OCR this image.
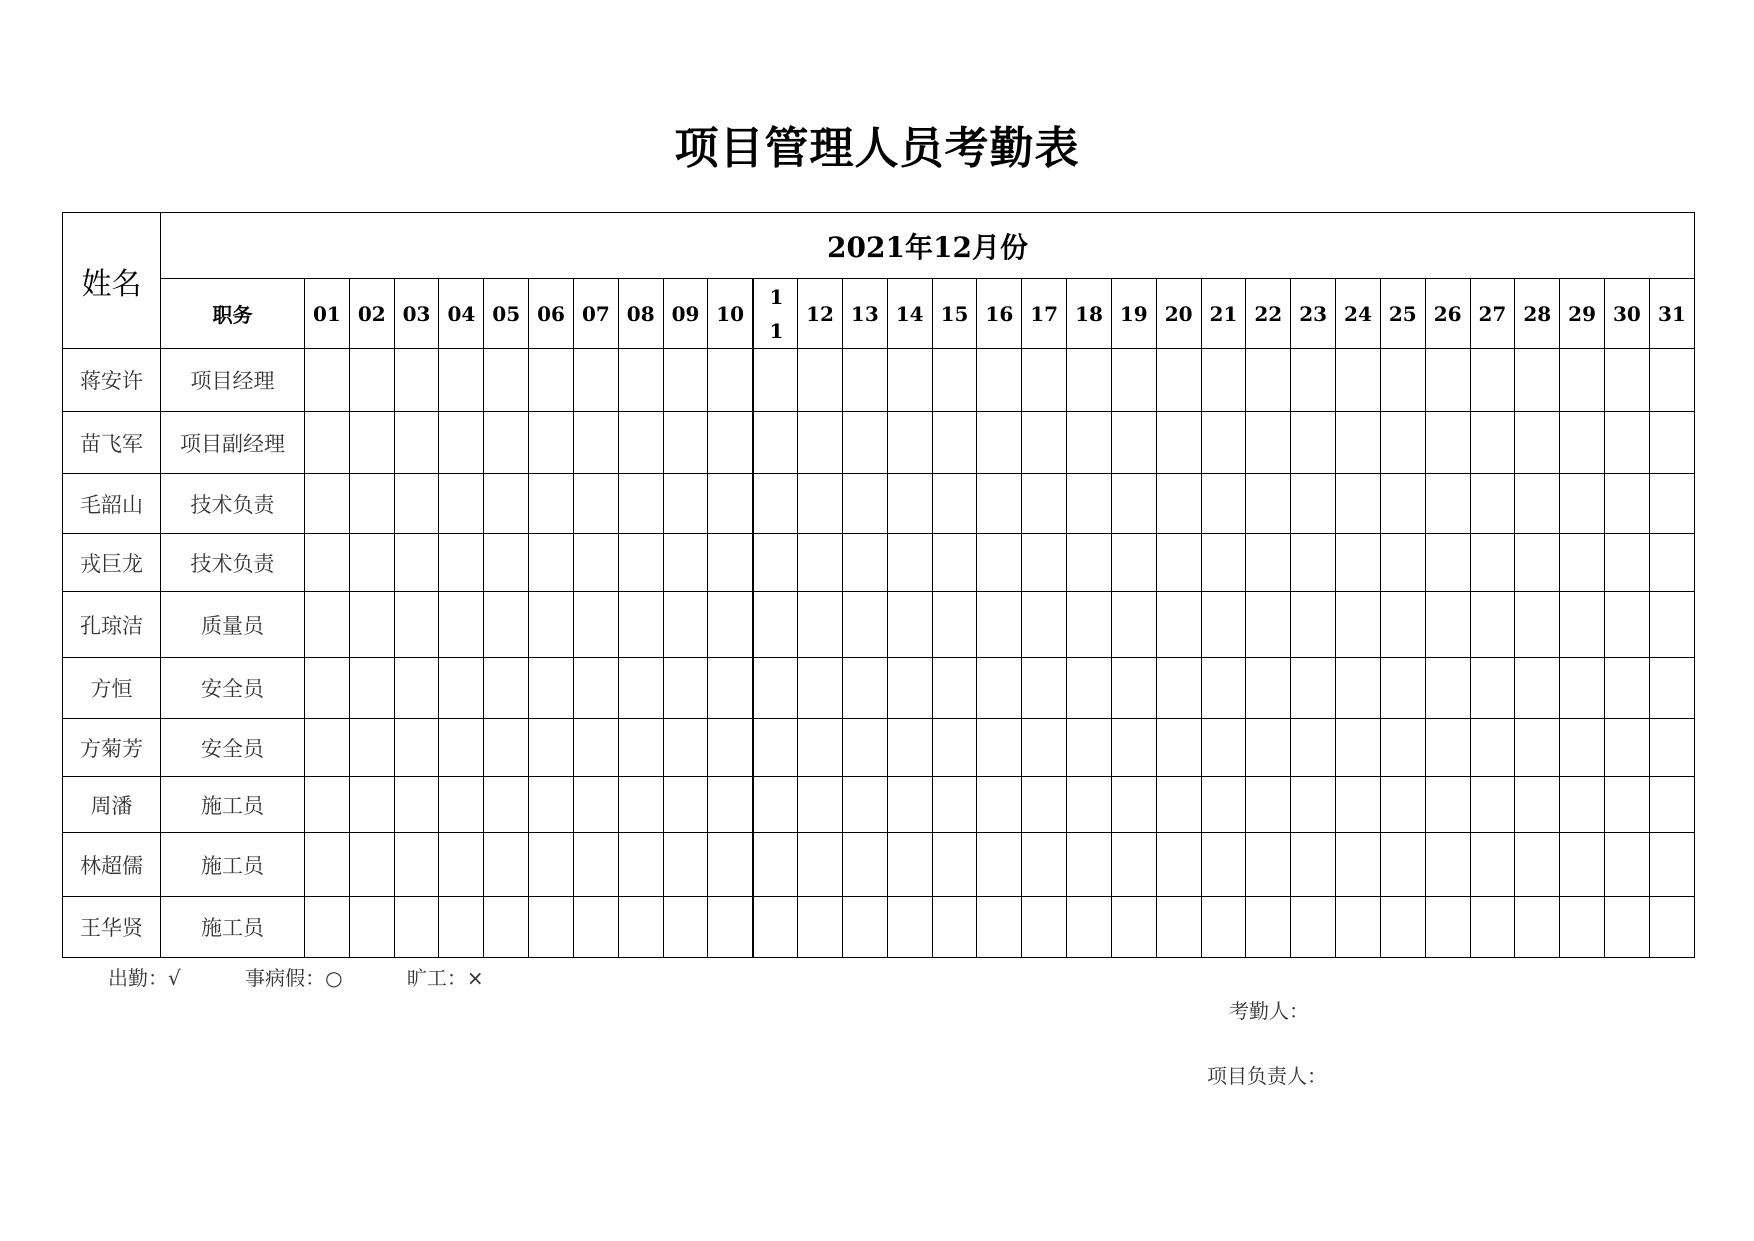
项目管理人员考勤表
姓名	2021年12月份																															
	职务	01	02	03	04	05	06	07	08	09	10	11	12	13	14	15	16	17	18	19	20	21	22	23	24	25	26	27	28	29	30	31
蒋安许	项目经理																															
苗飞军	项目副经理																															
毛韶山	技术负责																															
戎巨龙	技术负责																															
孔琼洁	质量员																															
方恒	安全员																															
方菊芳	安全员																															
周潘	施工员																															
林超儒	施工员																															
王华贤	施工员																															
出勤：√	事病假：○	旷工：×
考勤人：
项目负责人：
